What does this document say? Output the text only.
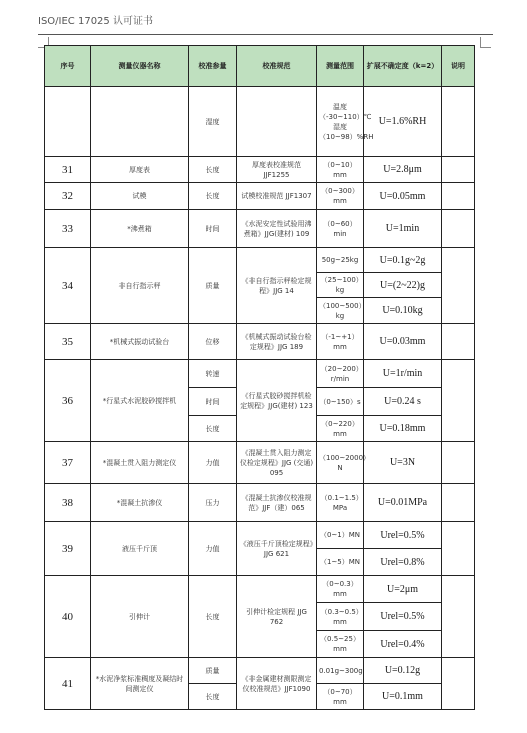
ISO/IEC 17025 认可证书
序号	测量仪器名称	校准参量	校准规范	测量范围	扩展不确定度（k=2）	说明
		湿度		温度（-30~110）℃ 湿度（10~98）%RH	U=1.6%RH	
31	厚度表	长度	厚度表校准规范 JJF1255	（0~10）mm	U=2.8μm	
32	试模	长度	试模校准规范 JJF1307	（0~300）mm	U=0.05mm	
33	*沸煮箱	时间	《水泥安定性试验用沸煮箱》JJG(建材) 109	（0~60）min	U=1min	
34	非自行指示秤	质量	《非自行指示秤检定规程》JJG 14	50g~25kg	U=0.1g~2g	
				（25~100）kg	U=(2~22)g	
				（100~500）kg	U=0.10kg	
35	*机械式振动试验台	位移	《机械式振动试验台检定规程》JJG 189	（-1~+1）mm	U=0.03mm	
36	*行星式水泥胶砂搅拌机	转速	《行星式胶砂搅拌机检定规程》JJG(建材) 123	（20~200）r/min	U=1r/min	
		时间		（0~150）s	U=0.24 s	
		长度		（0~220）mm	U=0.18mm	
37	*混凝土贯入阻力测定仪	力值	《混凝土贯入阻力测定仪检定规程》JJG (交通) 095	（100~2000）N	U=3N	
38	*混凝土抗渗仪	压力	《混凝土抗渗仪校准规范》JJF（建）065	（0.1~1.5）MPa	U=0.01MPa	
39	液压千斤顶	力值	《液压千斤顶检定规程》JJG 621	（0~1）MN	Urel=0.5%	
				（1~5）MN	Urel=0.8%	
40	引伸计	长度	引伸计检定规程 JJG 762	（0~0.3）mm	U=2μm	
				（0.3~0.5）mm	Urel=0.5%	
				（0.5~25）mm	Urel=0.4%	
41	*水泥净浆标准稠度及凝结时间测定仪	质量	《非金属建材测限测定仪校准规范》JJF1090	0.01g~300g	U=0.12g	
		长度		（0~70）mm	U=0.1mm	
